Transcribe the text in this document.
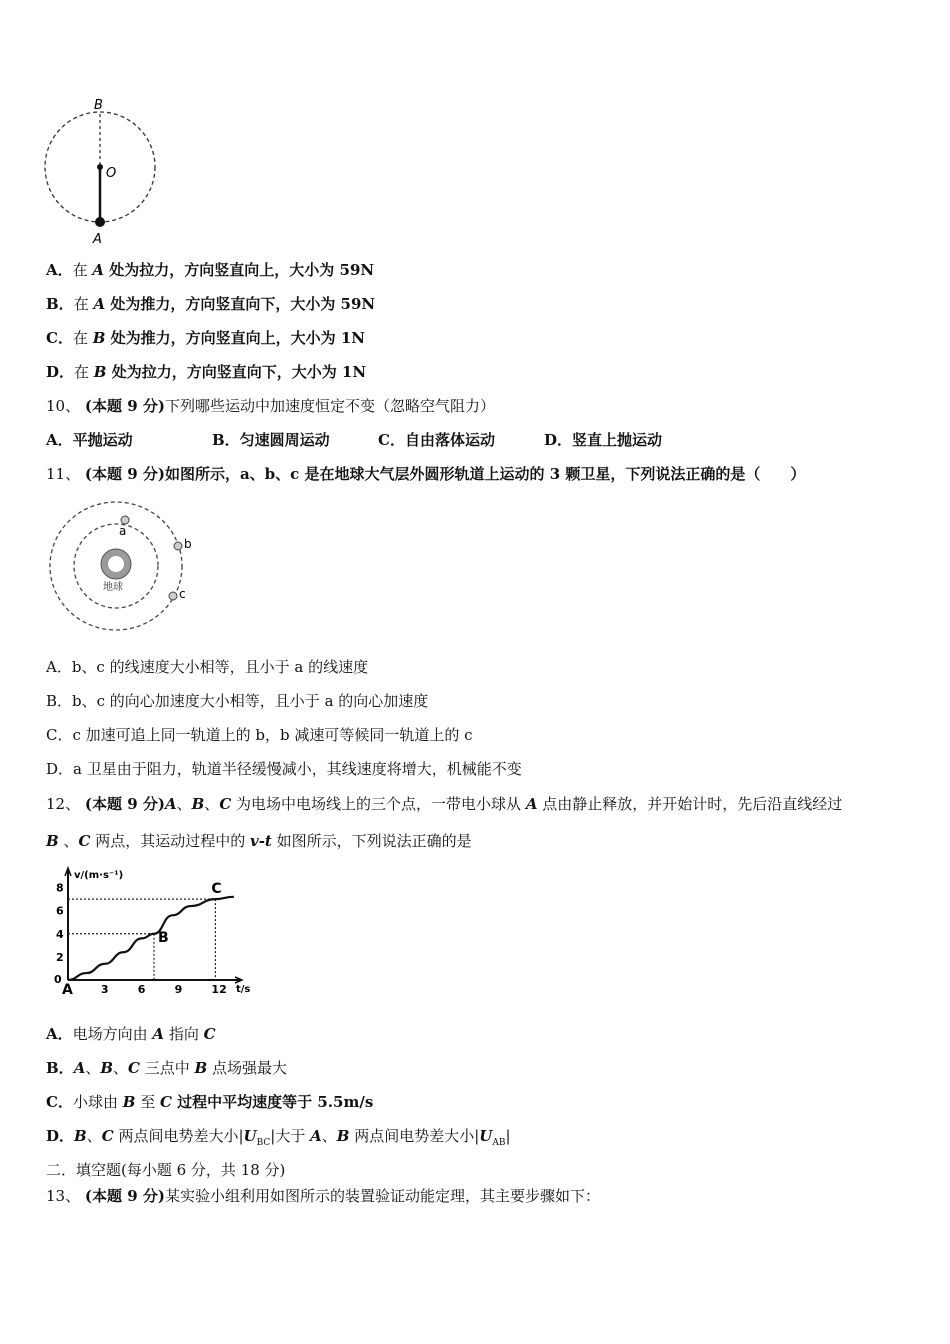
B
O
A
A．在 A 处为拉力，方向竖直向上，大小为 59N
B．在 A 处为推力，方向竖直向下，大小为 59N
C．在 B 处为推力，方向竖直向上，大小为 1N
D．在 B 处为拉力，方向竖直向下，大小为 1N
10、 (本题 9 分)下列哪些运动中加速度恒定不变（忽略空气阻力）
A．平抛运动	B．匀速圆周运动	C．自由落体运动	D．竖直上抛运动
11、 (本题 9 分)如图所示，a、b、c 是在地球大气层外圆形轨道上运动的 3 颗卫星，下列说法正确的是（　　）
地球
a
b
c
A．b、c 的线速度大小相等，且小于 a 的线速度
B．b、c 的向心加速度大小相等，且小于 a 的向心加速度
C．c 加速可追上同一轨道上的 b，b 减速可等候同一轨道上的 c
D．a 卫星由于阻力，轨道半径缓慢减小，其线速度将增大，机械能不变
12、 (本题 9 分)A、B、C 为电场中电场线上的三个点，一带电小球从 A 点由静止释放，并开始计时，先后沿直线经过
B 、C 两点，其运动过程中的 v-t 如图所示，下列说法正确的是
3	6	9	12
2
4
6
8
A
B
C
v/(m·s⁻¹)
t/s
0
A．电场方向由 A 指向 C
B．A、B、C 三点中 B 点场强最大
C．小球由 B 至 C 过程中平均速度等于 5.5m/s
D．B、C 两点间电势差大小$|U_{BC}|$大于 A、B 两点间电势差大小$|U_{AB}|$
二．填空题(每小题 6 分，共 18 分)
13、 (本题 9 分)某实验小组利用如图所示的装置验证动能定理，其主要步骤如下：
